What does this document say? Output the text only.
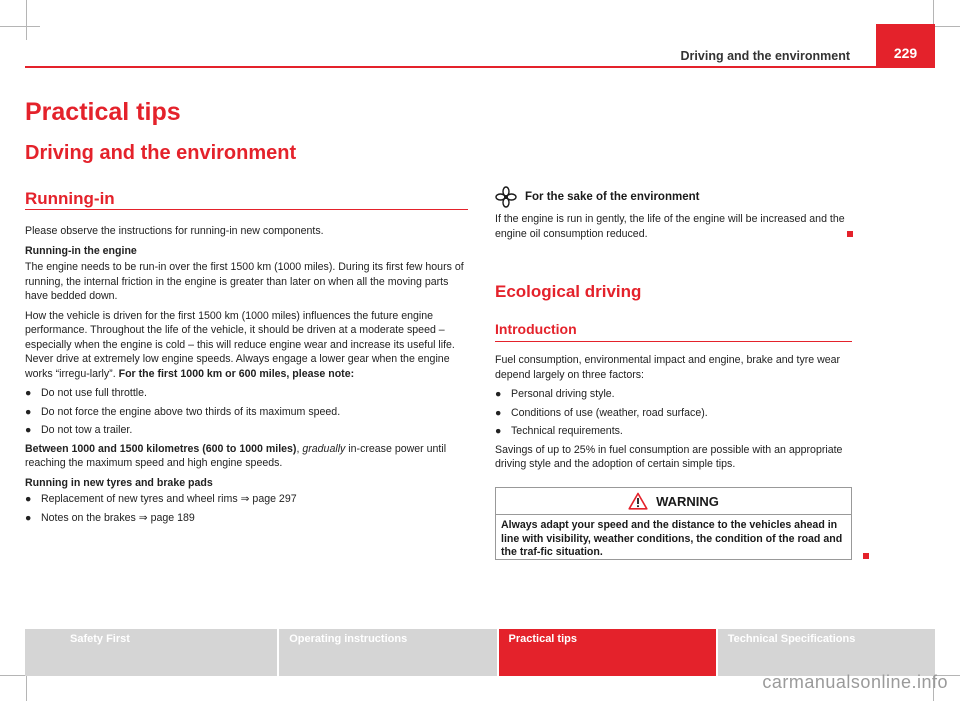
Driving and the environment	229
Practical tips
Driving and the environment
Running-in

Please observe the instructions for running-in new components.

Running-in the engine

The engine needs to be run-in over the first 1500 km (1000 miles). During its first few hours of running, the internal friction in the engine is greater than later on when all the moving parts have bedded down.

How the vehicle is driven for the first 1500 km (1000 miles) influences the future engine performance. Throughout the life of the vehicle, it should be driven at a moderate speed – especially when the engine is cold – this will reduce engine wear and increase its useful life. Never drive at extremely low engine speeds. Always engage a lower gear when the engine works “irregu-larly”. For the first 1000 km or 600 miles, please note:

● Do not use full throttle.
● Do not force the engine above two thirds of its maximum speed.
● Do not tow a trailer.

Between 1000 and 1500 kilometres (600 to 1000 miles), gradually in-crease power until reaching the maximum speed and high engine speeds.

Running in new tyres and brake pads

● Replacement of new tyres and wheel rims ⇒ page 297
● Notes on the brakes ⇒ page 189
For the sake of the environment
If the engine is run in gently, the life of the engine will be increased and the engine oil consumption reduced.
Ecological driving
Introduction

Fuel consumption, environmental impact and engine, brake and tyre wear depend largely on three factors:

● Personal driving style.
● Conditions of use (weather, road surface).
● Technical requirements.

Savings of up to 25% in fuel consumption are possible with an appropriate driving style and the adoption of certain simple tips.

WARNING
Always adapt your speed and the distance to the vehicles ahead in line with visibility, weather conditions, the condition of the road and the traf-fic situation.
Safety First	Operating instructions	Practical tips	Technical Specifications
carmanualsonline.info
